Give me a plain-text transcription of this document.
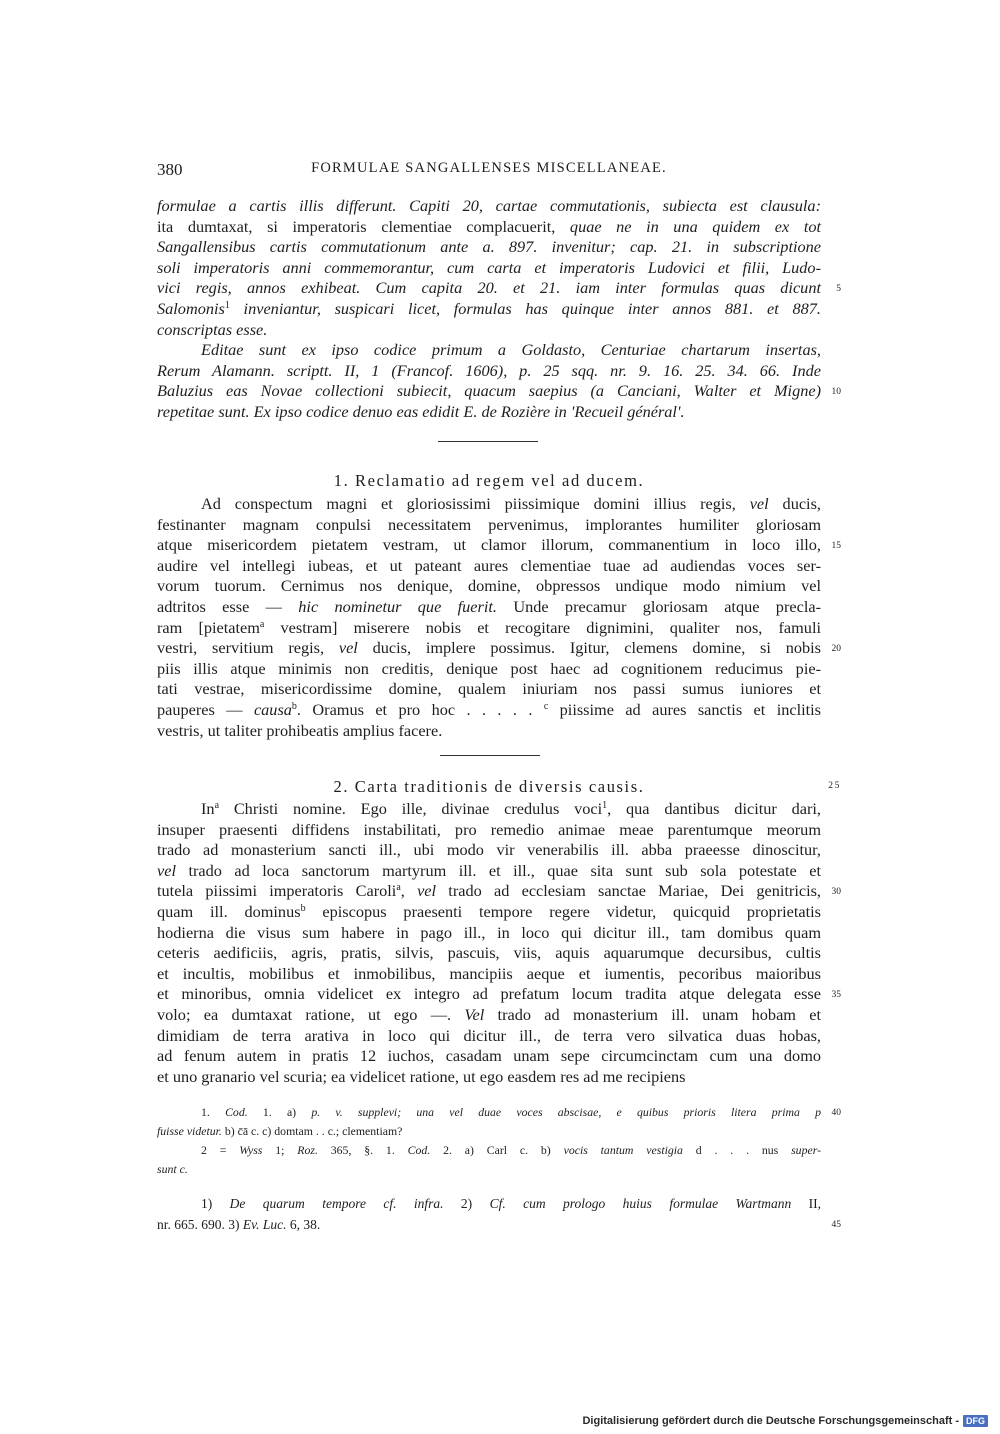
380	FORMULAE SANGALLENSES MISCELLANEAE.
formulae a cartis illis differunt. Capiti 20, cartae commutationis, subiecta est clausula:
ita dumtaxat, si imperatoris clementiae complacuerit, quae ne in una quidem ex tot
Sangallensibus cartis commutationum ante a. 897. invenitur; cap. 21. in subscriptione
soli imperatoris anni commemorantur, cum carta et imperatoris Ludovici et filii, Ludo-
vici regis, annos exhibeat. Cum capita 20. et 21. iam inter formulas quas dicunt 5
Salomonis$^1$ inveniantur, suspicari licet, formulas has quinque inter annos 881. et 887.
conscriptas esse.
Editae sunt ex ipso codice primum a Goldasto, Centuriae chartarum insertas,
Rerum Alamann. scriptt. II, 1 (Francof. 1606), p. 25 sqq. nr. 9. 16. 25. 34. 66. Inde
Baluzius eas Novae collectioni subiecit, quacum saepius (a Canciani, Walter et Migne) 10
repetitae sunt. Ex ipso codice denuo eas edidit E. de Rozière in 'Recueil général'.
1. Reclamatio ad regem vel ad ducem.
Ad conspectum magni et gloriosissimi piissimique domini illius regis, vel ducis,
festinanter magnam conpulsi necessitatem pervenimus, implorantes humiliter gloriosam
atque misericordem pietatem vestram, ut clamor illorum, commanentium in loco illo, 15
audire vel intellegi iubeas, et ut pateant aures clementiae tuae ad audiendas voces ser-
vorum tuorum. Cernimus nos denique, domine, obpressos undique modo nimium vel
adtritos esse — hic nominetur que fuerit. Unde precamur gloriosam atque precla-
ram [pietatem$^a$ vestram] miserere nobis et recogitare dignimini, qualiter nos, famuli
vestri, servitium regis, vel ducis, implere possimus. Igitur, clemens domine, si nobis 20
piis illis atque minimis non creditis, denique post haec ad cognitionem reducimus pie-
tati vestrae, misericordissime domine, qualem iniuriam nos passi sumus iuniores et
pauperes — causa$^b$. Oramus et pro hoc . . . . . $^c$ piissime ad aures sanctis et inclitis
vestris, ut taliter prohibeatis amplius facere.
2. Carta traditionis de diversis causis.	25
In$^a$ Christi nomine. Ego ille, divinae credulus voci$^1$, qua dantibus dicitur dari,
insuper praesenti diffidens instabilitati, pro remedio animae meae parentumque meorum
trado ad monasterium sancti ill., ubi modo vir venerabilis ill. abba praeesse dinoscitur,
vel trado ad loca sanctorum martyrum ill. et ill., quae sita sunt sub sola potestate et
tutela piissimi imperatoris Caroli$^a$, vel trado ad ecclesiam sanctae Mariae, Dei genitricis, 30
quam ill. dominus$^b$ episcopus praesenti tempore regere videtur, quicquid proprietatis
hodierna die visus sum habere in pago ill., in loco qui dicitur ill., tam domibus quam
ceteris aedificiis, agris, pratis, silvis, pascuis, viis, aquis aquarumque decursibus, cultis
et incultis, mobilibus et inmobilibus, mancipiis aeque et iumentis, pecoribus maioribus
et minoribus, omnia videlicet ex integro ad prefatum locum tradita atque delegata esse 35
volo; ea dumtaxat ratione, ut ego —. Vel trado ad monasterium ill. unam hobam et
dimidiam de terra arativa in loco qui dicitur ill., de terra vero silvatica duas hobas,
ad fenum autem in pratis 12 iuchos, casadam unam sepe circumcinctam cum una domo
et uno granario vel scuria; ea videlicet ratione, ut ego easdem res ad me recipiens
1. Cod. 1. a) p. v. supplevi; una vel duae voces abscisae, e quibus prioris litera prima p 40
fuisse videtur. b) c̄ā c. c) domtam . . c.; clementiam?
2 = Wyss 1; Roz. 365, §. 1. Cod. 2. a) Carl c. b) vocis tantum vestigia d . . . nus super-
sunt c.
1) De quarum tempore cf. infra. 2) Cf. cum prologo huius formulae Wartmann II,
nr. 665. 690. 3) Ev. Luc. 6, 38.	45
Digitalisierung gefördert durch die Deutsche Forschungsgemeinschaft - DFG
